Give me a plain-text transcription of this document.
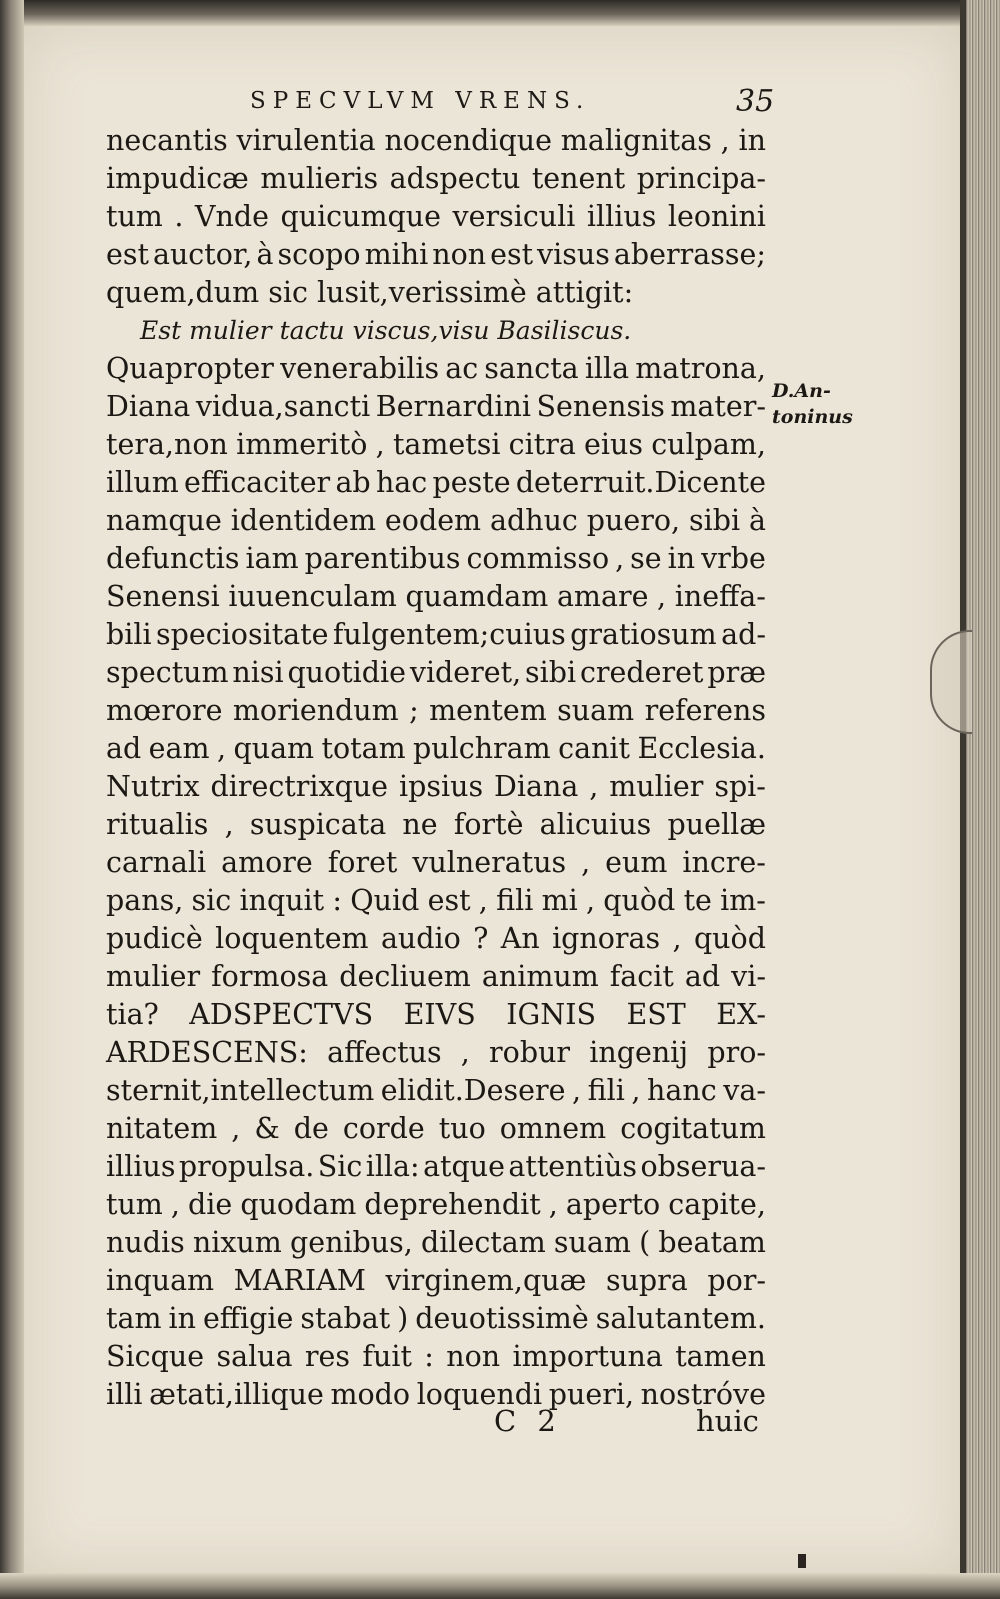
SPECVLVM VRENS.	35
necantis virulentia nocendique malignitas , in
impudicæ mulieris adspectu tenent principa-
tum . Vnde quicumque versiculi illius leonini
est auctor, à scopo mihi non est visus aberrasse;
quem,dum sic lusit,verissimè attigit:
Est mulier tactu viscus,visu Basiliscus.
Quapropter venerabilis ac sancta illa matrona,
Diana vidua,sancti Bernardini Senensis mater-
tera,non immeritò , tametsi citra eius culpam,
illum efficaciter ab hac peste deterruit.Dicente
namque identidem eodem adhuc puero, sibi à
defunctis iam parentibus commisso , se in vrbe
Senensi iuuenculam quamdam amare , ineffa-
bili speciositate fulgentem;cuius gratiosum ad-
spectum nisi quotidie videret, sibi crederet præ
mœrore moriendum ; mentem suam referens
ad eam , quam totam pulchram canit Ecclesia.
Nutrix directrixque ipsius Diana , mulier spi-
ritualis , suspicata ne fortè alicuius puellæ
carnali amore foret vulneratus , eum incre-
pans, sic inquit : Quid est , fili mi , quòd te im-
pudicè loquentem audio ? An ignoras , quòd
mulier formosa decliuem animum facit ad vi-
tia? ADSPECTVS EIVS IGNIS EST EX-
ARDESCENS: affectus , robur ingenij pro-
sternit,intellectum elidit.Desere , fili , hanc va-
nitatem , & de corde tuo omnem cogitatum
illius propulsa. Sic illa: atque attentiùs obserua-
tum , die quodam deprehendit , aperto capite,
nudis nixum genibus, dilectam suam ( beatam
inquam MARIAM virginem,quæ supra por-
tam in effigie stabat ) deuotissimè salutantem.
Sicque salua res fuit : non importuna tamen
illi ætati,illique modo loquendi pueri, nostróve
D.An-
toninus
C 2	huic
